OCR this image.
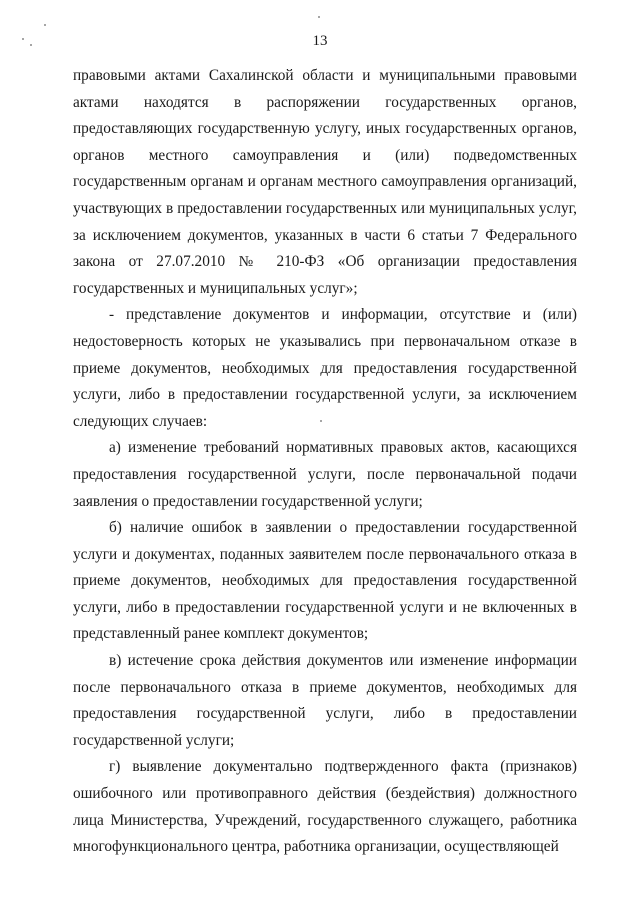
13

правовыми актами Сахалинской области и муниципальными правовыми актами находятся в распоряжении государственных органов, предоставляющих государственную услугу, иных государственных органов, органов местного самоуправления и (или) подведомственных государственным органам и органам местного самоуправления организаций, участвующих в предоставлении государственных или муниципальных услуг, за исключением документов, указанных в части 6 статьи 7 Федерального закона от 27.07.2010 № 210-ФЗ «Об организации предоставления государственных и муниципальных услуг»;

- представление документов и информации, отсутствие и (или) недостоверность которых не указывались при первоначальном отказе в приеме документов, необходимых для предоставления государственной услуги, либо в предоставлении государственной услуги, за исключением следующих случаев:

а) изменение требований нормативных правовых актов, касающихся предоставления государственной услуги, после первоначальной подачи заявления о предоставлении государственной услуги;

б) наличие ошибок в заявлении о предоставлении государственной услуги и документах, поданных заявителем после первоначального отказа в приеме документов, необходимых для предоставления государственной услуги, либо в предоставлении государственной услуги и не включенных в представленный ранее комплект документов;

в) истечение срока действия документов или изменение информации после первоначального отказа в приеме документов, необходимых для предоставления государственной услуги, либо в предоставлении государственной услуги;

г) выявление документально подтвержденного факта (признаков) ошибочного или противоправного действия (бездействия) должностного лица Министерства, Учреждений, государственного служащего, работника многофункционального центра, работника организации, осуществляющей
